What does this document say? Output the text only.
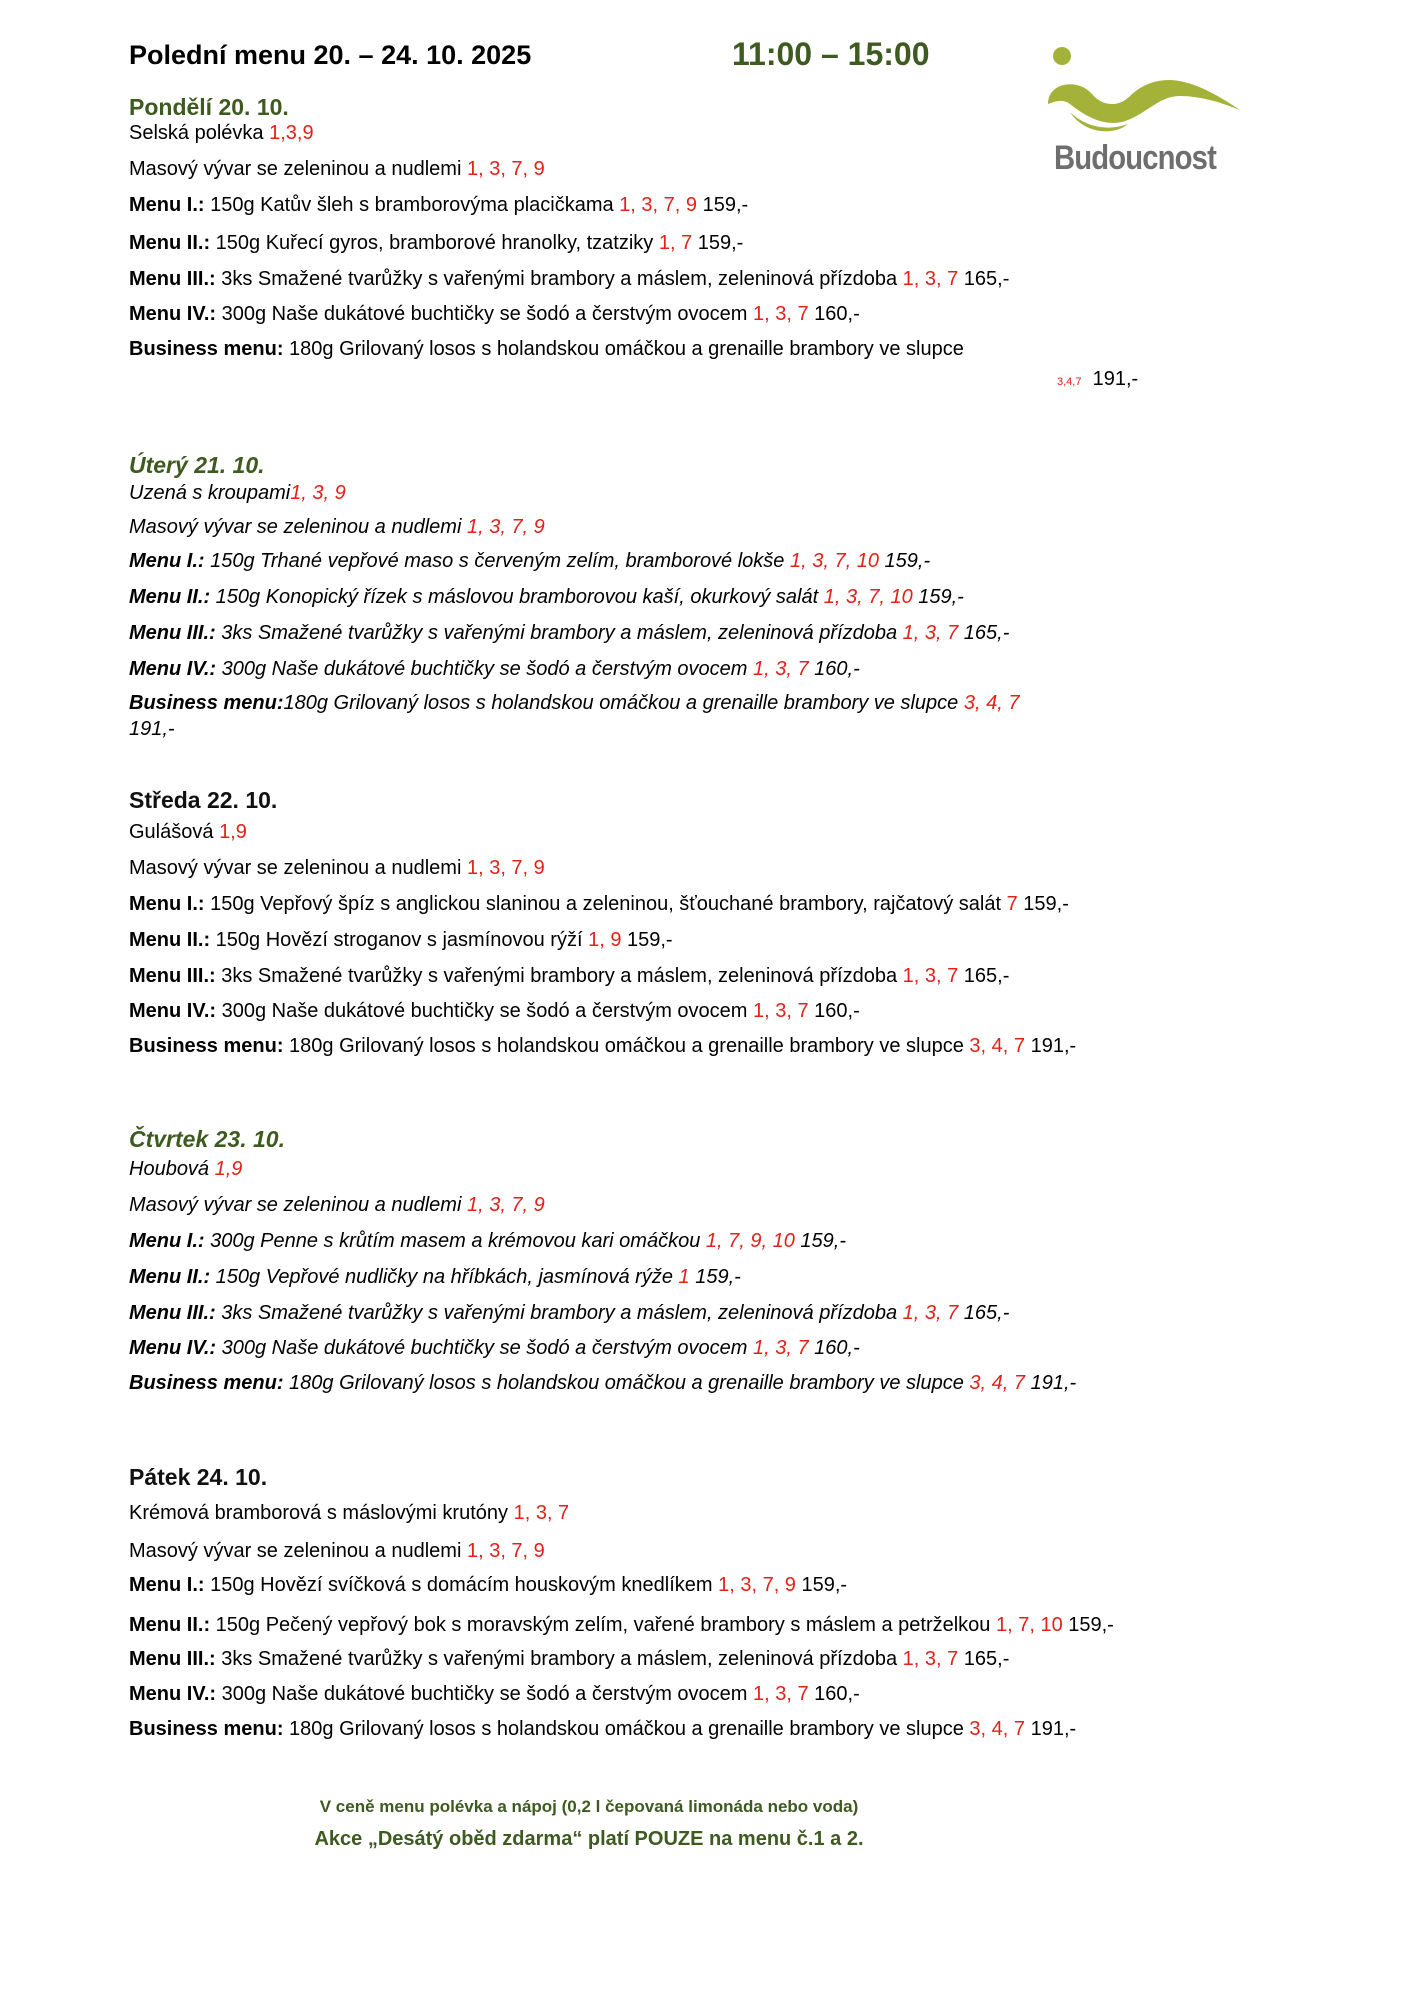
Polední menu 20. – 24. 10. 2025	11:00 – 15:00
Budoucnost

Pondělí 20. 10.

Selská polévka 1,3,9

Masový vývar se zeleninou a nudlemi 1, 3, 7, 9

Menu I.: 150g Katův šleh s bramborovýma placičkama 1, 3, 7, 9 159,-

Menu II.: 150g Kuřecí gyros, bramborové hranolky, tzatziky 1, 7 159,-

Menu III.: 3ks Smažené tvarůžky s vařenými brambory a máslem, zeleninová přízdoba 1, 3, 7 165,-

Menu IV.: 300g Naše dukátové buchtičky se šodó a čerstvým ovocem 1, 3, 7 160,-

Business menu: 180g Grilovaný losos s holandskou omáčkou a grenaille brambory ve slupce

3,4,7 191,-

Úterý 21. 10.

Uzená s kroupami1, 3, 9

Masový vývar se zeleninou a nudlemi 1, 3, 7, 9

Menu I.: 150g Trhané vepřové maso s červeným zelím, bramborové lokše 1, 3, 7, 10 159,-

Menu II.: 150g Konopický řízek s máslovou bramborovou kaší, okurkový salát 1, 3, 7, 10 159,-

Menu III.: 3ks Smažené tvarůžky s vařenými brambory a máslem, zeleninová přízdoba 1, 3, 7 165,-

Menu IV.: 300g Naše dukátové buchtičky se šodó a čerstvým ovocem 1, 3, 7 160,-

Business menu:180g Grilovaný losos s holandskou omáčkou a grenaille brambory ve slupce 3, 4, 7

191,-

Středa 22. 10.

Gulášová 1,9

Masový vývar se zeleninou a nudlemi 1, 3, 7, 9

Menu I.: 150g Vepřový špíz s anglickou slaninou a zeleninou, šťouchané brambory, rajčatový salát 7 159,-

Menu II.: 150g Hovězí stroganov s jasmínovou rýží 1, 9 159,-

Menu III.: 3ks Smažené tvarůžky s vařenými brambory a máslem, zeleninová přízdoba 1, 3, 7 165,-

Menu IV.: 300g Naše dukátové buchtičky se šodó a čerstvým ovocem 1, 3, 7 160,-

Business menu: 180g Grilovaný losos s holandskou omáčkou a grenaille brambory ve slupce 3, 4, 7 191,-

Čtvrtek 23. 10.

Houbová 1,9

Masový vývar se zeleninou a nudlemi 1, 3, 7, 9

Menu I.: 300g Penne s krůtím masem a krémovou kari omáčkou 1, 7, 9, 10 159,-

Menu II.: 150g Vepřové nudličky na hříbkách, jasmínová rýže 1 159,-

Menu III.: 3ks Smažené tvarůžky s vařenými brambory a máslem, zeleninová přízdoba 1, 3, 7 165,-

Menu IV.: 300g Naše dukátové buchtičky se šodó a čerstvým ovocem 1, 3, 7 160,-

Business menu: 180g Grilovaný losos s holandskou omáčkou a grenaille brambory ve slupce 3, 4, 7 191,-

Pátek 24. 10.

Krémová bramborová s máslovými krutóny 1, 3, 7

Masový vývar se zeleninou a nudlemi 1, 3, 7, 9

Menu I.: 150g Hovězí svíčková s domácím houskovým knedlíkem 1, 3, 7, 9 159,-

Menu II.: 150g Pečený vepřový bok s moravským zelím, vařené brambory s máslem a petrželkou 1, 7, 10 159,-

Menu III.: 3ks Smažené tvarůžky s vařenými brambory a máslem, zeleninová přízdoba 1, 3, 7 165,-

Menu IV.: 300g Naše dukátové buchtičky se šodó a čerstvým ovocem 1, 3, 7 160,-

Business menu: 180g Grilovaný losos s holandskou omáčkou a grenaille brambory ve slupce 3, 4, 7 191,-

V ceně menu polévka a nápoj (0,2 l čepovaná limonáda nebo voda)
Akce „Desátý oběd zdarma“ platí POUZE na menu č.1 a 2.
